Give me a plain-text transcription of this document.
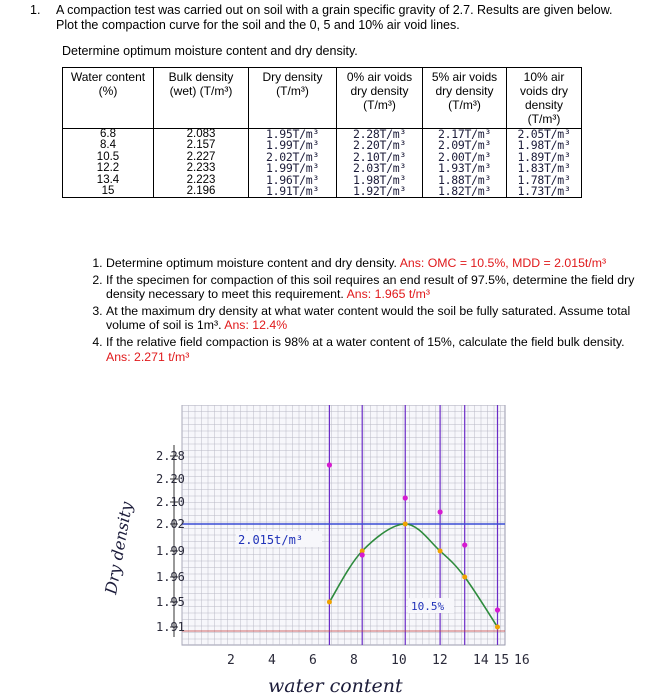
1. A compaction test was carried out on soil with a grain specific gravity of 2.7. Results are given below. Plot the compaction curve for the soil and the 0, 5 and 10% air void lines.
Determine optimum moisture content and dry density.
Water content (%)	Bulk density (wet) (T/m³)	Dry density (T/m³)	0% air voids dry density (T/m³)	5% air voids dry density (T/m³)	10% air voids dry density (T/m³)
6.8	2.083	1.95T/m³	2.28T/m³	2.17T/m³	2.05T/m³
8.4	2.157	1.99T/m³	2.20T/m³	2.09T/m³	1.98T/m³
10.5	2.227	2.02T/m³	2.10T/m³	2.00T/m³	1.89T/m³
12.2	2.233	1.99T/m³	2.03T/m³	1.93T/m³	1.83T/m³
13.4	2.223	1.96T/m³	1.98T/m³	1.88T/m³	1.78T/m³
15	2.196	1.91T/m³	1.92T/m³	1.82T/m³	1.73T/m³
1. Determine optimum moisture content and dry density. Ans: OMC = 10.5%, MDD = 2.015t/m³
2. If the specimen for compaction of this soil requires an end result of 97.5%, determine the field dry density necessary to meet this requirement. Ans: 1.965 t/m³
3. At the maximum dry density at what water content would the soil be fully saturated. Assume total volume of soil is 1m³. Ans: 12.4%
4. If the relative field compaction is 98% at a water content of 15%, calculate the field bulk density. Ans: 2.271 t/m³
2.28
2.20
2.10
2.02
1.99
1.96
1.95
1.91
2	4	6	8	10 12 14 15 16
water content
Dry density	2.015t/m³
10.5%
